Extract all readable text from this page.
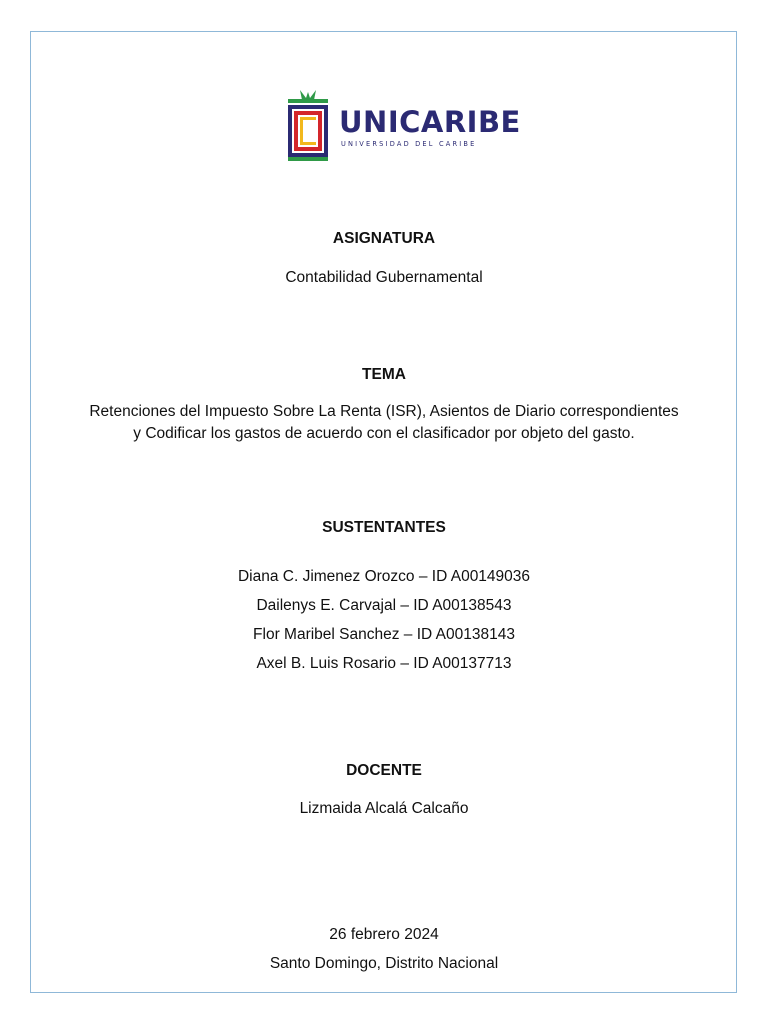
UNICARIBE
UNIVERSIDAD DEL CARIBE
ASIGNATURA
Contabilidad Gubernamental
TEMA
Retenciones del Impuesto Sobre La Renta (ISR), Asientos de Diario correspondientes
y Codificar los gastos de acuerdo con el clasificador por objeto del gasto.
SUSTENTANTES
Diana C. Jimenez Orozco – ID A00149036
Dailenys E. Carvajal – ID A00138543
Flor Maribel Sanchez – ID A00138143
Axel B. Luis Rosario – ID A00137713
DOCENTE
Lizmaida Alcalá Calcaño
26 febrero 2024
Santo Domingo, Distrito Nacional
